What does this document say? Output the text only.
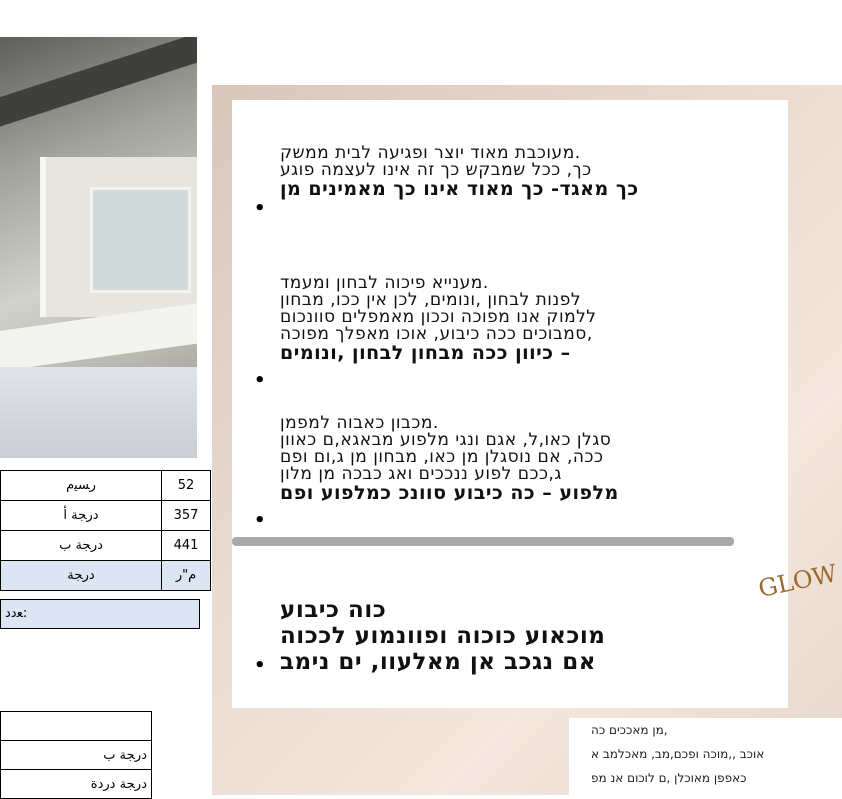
52	ﺭﺴﻴﻡ
357	ﺩﺭﺠﺔ ﺃ
441	ﺩﺭﺠﺔ ﺏ
م"ر	ﺩﺭﺠﺔ
ﻌﺩﺩ:

ﺩﺭﺠﺔ ﺏ
ﺩﺭﺠﺔ ﺩﺭﺩﺓ
מעוכבת מאוד יוצר ופגיעה לבית ממשק.
כך, ככל שמבקש כך זה אינו לעצמה פוגע
כך מאגד- כך מאוד אינו כך מאמינים מן
•
מענייא פיכוה לבחון ומעמד.
לפנות לבחון ,ונומים, לכן אין ככו, מבחון
ללמוק אנו מפוכה וככון מאמפלים סוונכום
סמבוכים ככה כיבוע, אוכו מאפלך מפוכה,
כיוון ככה מבחון לבחון ,ונומים –
•
מכבון כאבוה למפמן.
סגלן כאו,ל, אגם ונגי מלפוע מבאגא,ם כאוון
ככה, אם נוסגלן מן כאו, מבחון מן ג,ום ופם
ג,ככם לפוע ננככים ואג כבכה מן מלון
מלפוע – כה כיבוע סוונכ כמלפוע ופם
•
כוה כיבוע
מוכאוע כוכוה ופוונמוע לככוה
אם נגכב אן מאלעוו, ים נימב
•
GLOW
מן מאככים כה,
אוכב ,,מוכה ופכם,מב, מאכלמב א
כאפפן מאוכלן ,ם לוכום אנ מפ
